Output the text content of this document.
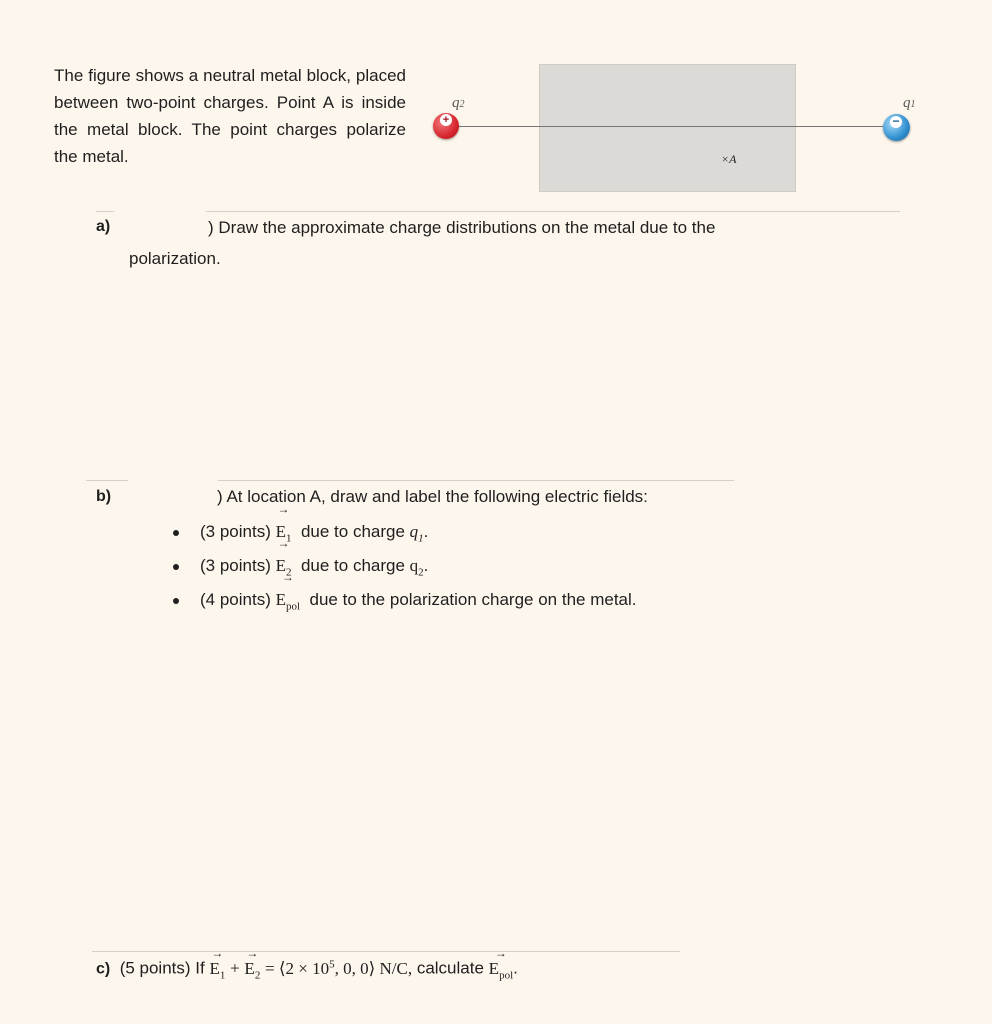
The figure shows a neutral metal block, placed between two-point charges. Point A is inside the metal block. The point charges polarize the metal.	×A
q2
+
q1
−
a)	) Draw the approximate charge distributions on the metal due to the
polarization.
b)	) At location A, draw and label the following electric fields:
(3 points) → $E_1$ due to charge $q_1$.
(3 points) → $E_2$ due to charge $q_2$.
(4 points) → $E_{pol}$ due to the polarization charge on the metal.
c) (5 points) $If \to E_1$ + → $E_2$ = ⟨2 × $10^5$, 0, 0⟩ N/C, calculate → $E_{pol}$.
